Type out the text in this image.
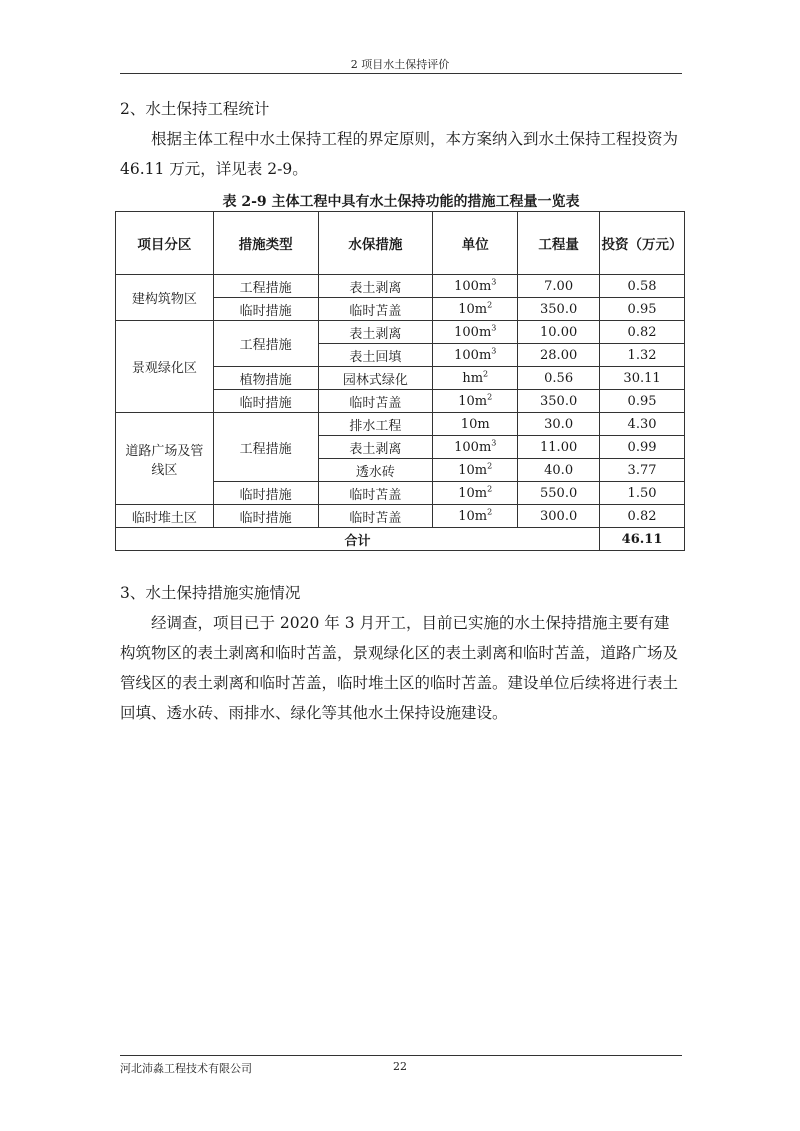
2 项目水土保持评价

2、水土保持工程统计

根据主体工程中水土保持工程的界定原则，本方案纳入到水土保持工程投资为 46.11 万元，详见表 2-9。

表 2-9 主体工程中具有水土保持功能的措施工程量一览表
项目分区	措施类型	水保措施	单位	工程量	投资（万元）
建构筑物区	工程措施	表土剥离	$100m^3$	7.00	0.58
	临时措施	临时苫盖	$10m^2$	350.0	0.95
景观绿化区	工程措施	表土剥离	$100m^3$	10.00	0.82
		表土回填	$100m^3$	28.00	1.32
	植物措施	园林式绿化	$hm^2$	0.56	30.11
	临时措施	临时苫盖	$10m^2$	350.0	0.95
道路广场及管线区	工程措施	排水工程	10m	30.0	4.30
		表土剥离	$100m^3$	11.00	0.99
		透水砖	$10m^2$	40.0	3.77
	临时措施	临时苫盖	$10m^2$	550.0	1.50
临时堆土区	临时措施	临时苫盖	$10m^2$	300.0	0.82
合计					46.11

3、水土保持措施实施情况

经调查，项目已于 2020 年 3 月开工，目前已实施的水土保持措施主要有建构筑物区的表土剥离和临时苫盖，景观绿化区的表土剥离和临时苫盖，道路广场及管线区的表土剥离和临时苫盖，临时堆土区的临时苫盖。建设单位后续将进行表土回填、透水砖、雨排水、绿化等其他水土保持设施建设。

河北沛淼工程技术有限公司	22
